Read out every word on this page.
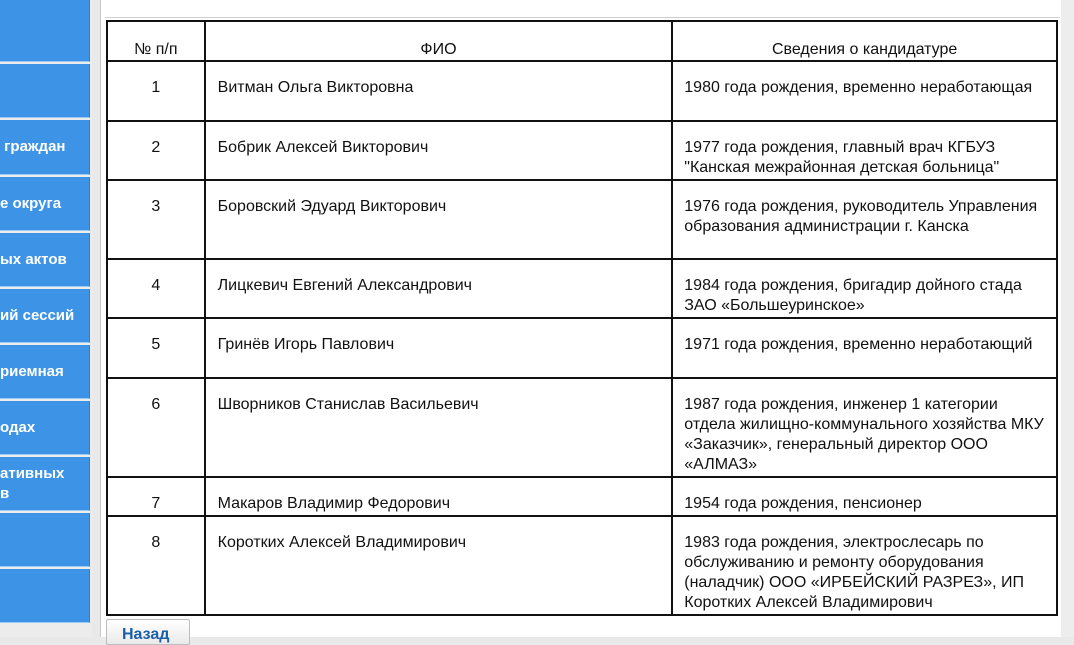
граждан
е округа
ых актов
ий сессий
риемная
одах
ативных
в
№ п/п	ФИО	Сведения о кандидатуре
1	Витман Ольга Викторовна	1980 года рождения, временно неработающая
2	Бобрик Алексей Викторович	1977 года рождения, главный врач КГБУЗ "Канская межрайонная детская больница"
3	Боровский Эдуард Викторович	1976 года рождения, руководитель Управления образования администрации г. Канска
4	Лицкевич Евгений Александрович	1984 года рождения, бригадир дойного стада ЗАО «Большеуринское»
5	Гринёв Игорь Павлович	1971 года рождения, временно неработающий
6	Шворников Станислав Васильевич	1987 года рождения, инженер 1 категории отдела жилищно-коммунального хозяйства МКУ «Заказчик», генеральный директор ООО «АЛМАЗ»
7	Макаров Владимир Федорович	1954 года рождения, пенсионер
8	Коротких Алексей Владимирович	1983 года рождения, электрослесарь по обслуживанию и ремонту оборудования (наладчик) ООО «ИРБЕЙСКИЙ РАЗРЕЗ», ИП Коротких Алексей Владимирович
Назад
